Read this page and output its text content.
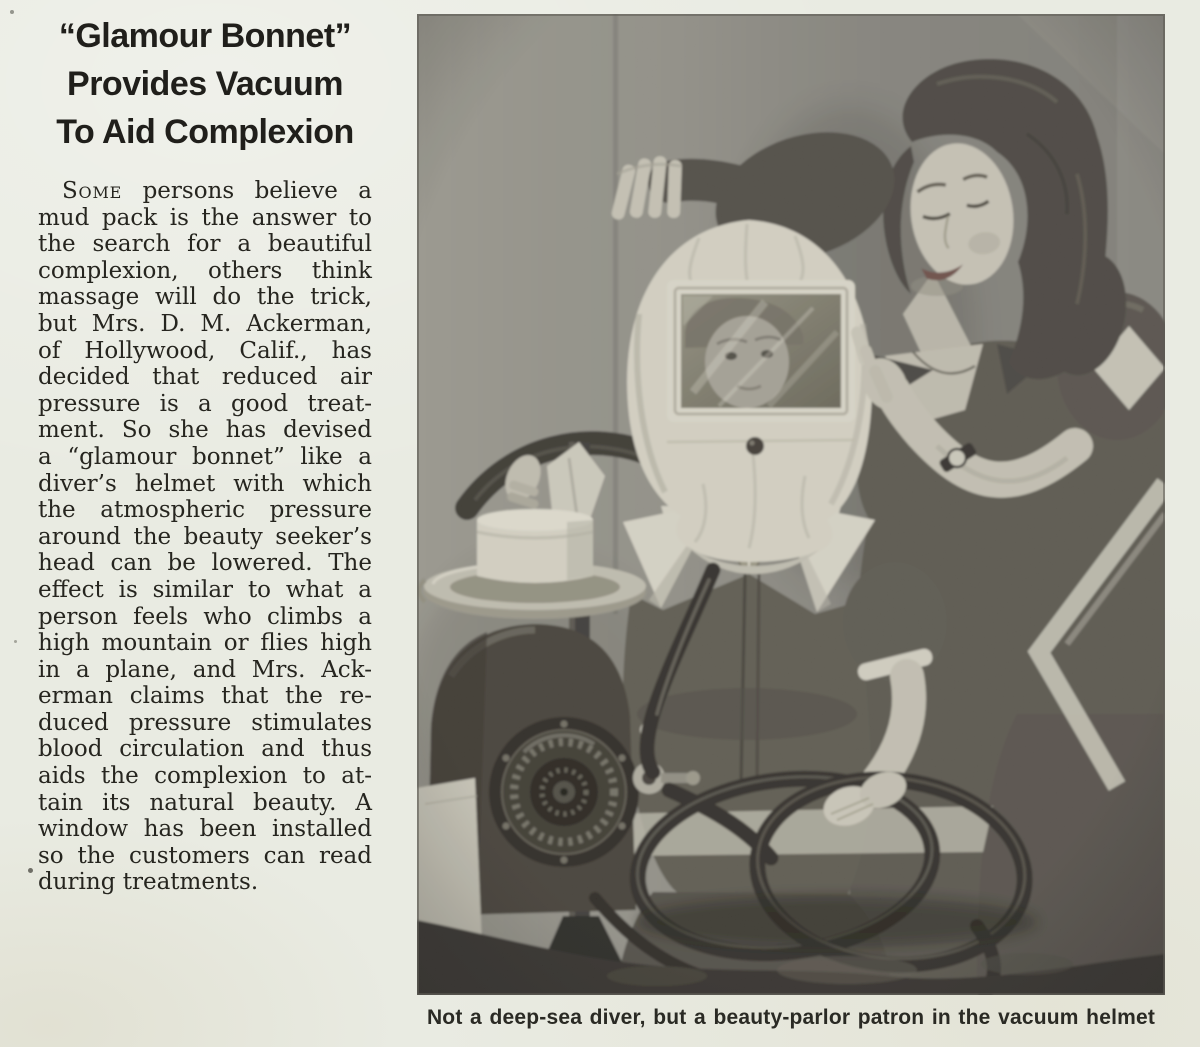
“Glamour Bonnet”
Provides Vacuum
To Aid Complexion
Some persons believe a
mud pack is the answer to
the search for a beautiful
complexion, others think
massage will do the trick,
but Mrs. D. M. Ackerman,
of Hollywood, Calif., has
decided that reduced air
pressure is a good treat-
ment. So she has devised
a “glamour bonnet” like a
diver’s helmet with which
the atmospheric pressure
around the beauty seeker’s
head can be lowered. The
effect is similar to what a
person feels who climbs a
high mountain or flies high
in a plane, and Mrs. Ack-
erman claims that the re-
duced pressure stimulates
blood circulation and thus
aids the complexion to at-
tain its natural beauty. A
window has been installed
so the customers can read
during treatments.
Not a deep-sea diver, but a beauty-parlor patron in the vacuum helmet
